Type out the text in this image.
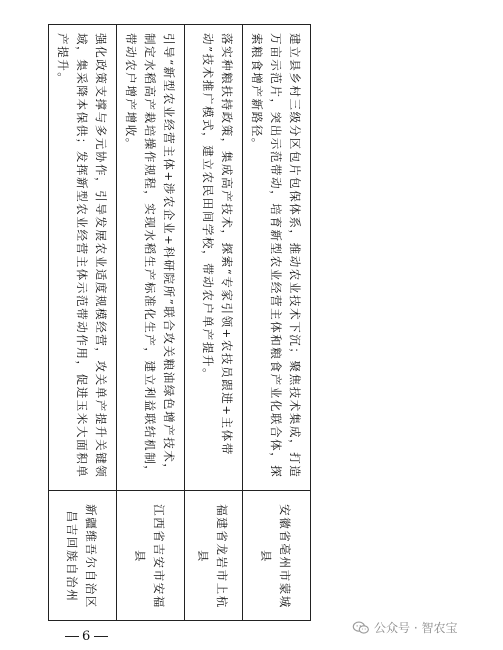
建立县乡村三级分区包片包保体系，推动农业技术下沉；聚焦技术集成，打造万亩示范片，突出示范带动，培育新型农业经营主体和粮食产业化联合体，探索粮食增产新路径。	安徽省亳州市蒙城县
落实种粮扶持政策，集成高产技术，探索“专家引领+农技员跟进+主体带动”技术推广模式，建立农民田间学校，带动农户单产提升。	福建省龙岩市上杭县
引导“新型农业经营主体+涉农企业+科研院所”联合攻关粮油绿色增产技术，制定水稻高产栽培操作规程，实现水稻生产标准化生产，建立利益联结机制，带动农户增产增收。	江西省吉安市安福县
强化政策支撑与多元协作，引导发展农业适度规模经营，攻关单产提升关键领域，集采降本保供；发挥新型农业经营主体示范带动作用，促进玉米大面积单产提升。	新疆维吾尔自治区昌吉回族自治州
6
公众号 · 智农宝
